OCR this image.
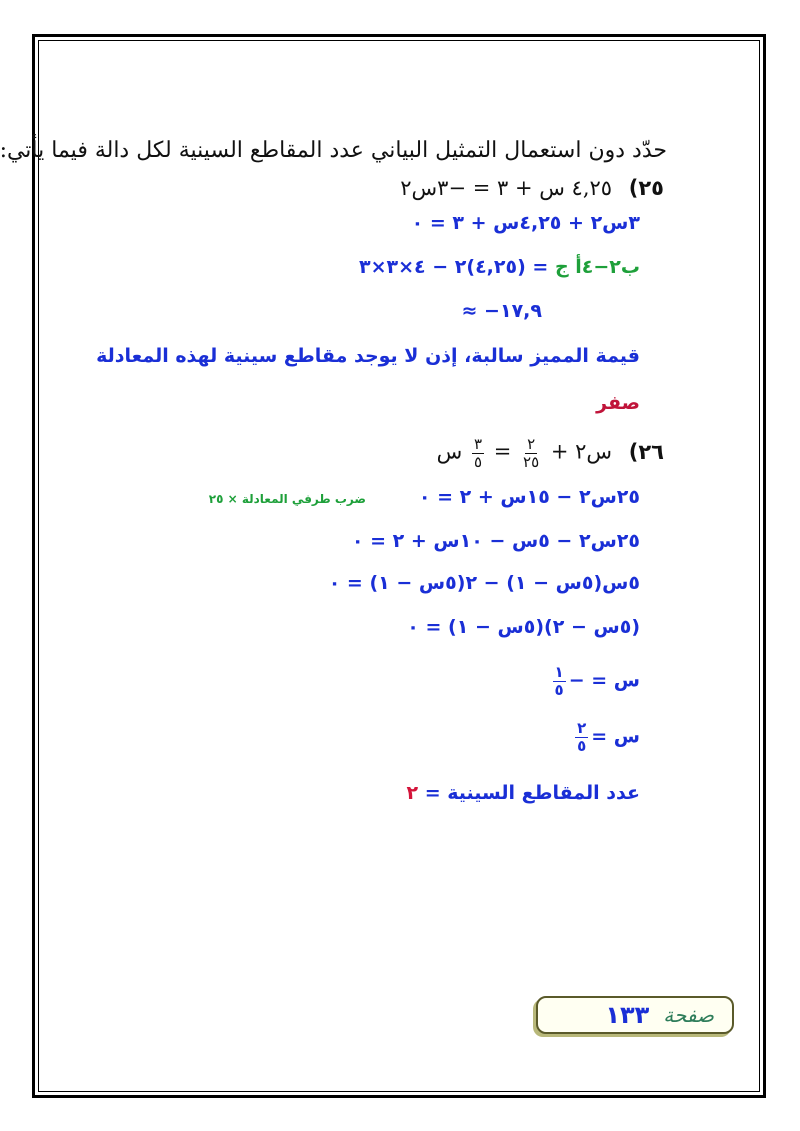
حدّد دون استعمال التمثيل البياني عدد المقاطع السينية لكل دالة فيما يأتي:
٢٥) ٤,٢٥ س + ٣ = −٣س٢
٣س٢ + ٤,٢٥س + ٣ = ٠
ب٢−٤أ ج = (٤,٢٥)٢ − ٤×٣×٣
≈ −١٧,٩
قيمة المميز سالبة، إذن لا يوجد مقاطع سينية لهذه المعادلة
صفر
٢٦) س٢ +
$\frac{٢}{٢٥}$
=
$\frac{٣}{٥}$
س
ضرب طرفي المعادلة × ٢٥	٢٥س٢ − ١٥س + ٢ = ٠
٢٥س٢ − ٥س − ١٠س + ٢ = ٠
٥س(٥س − ١) − ٢(٥س − ١) = ٠
(٥س − ٢)(٥س − ١) = ٠
س = −
$\frac{١}{٥}$
س =
$\frac{٢}{٥}$
عدد المقاطع السينية = ٢
صفحة
١٣٣
